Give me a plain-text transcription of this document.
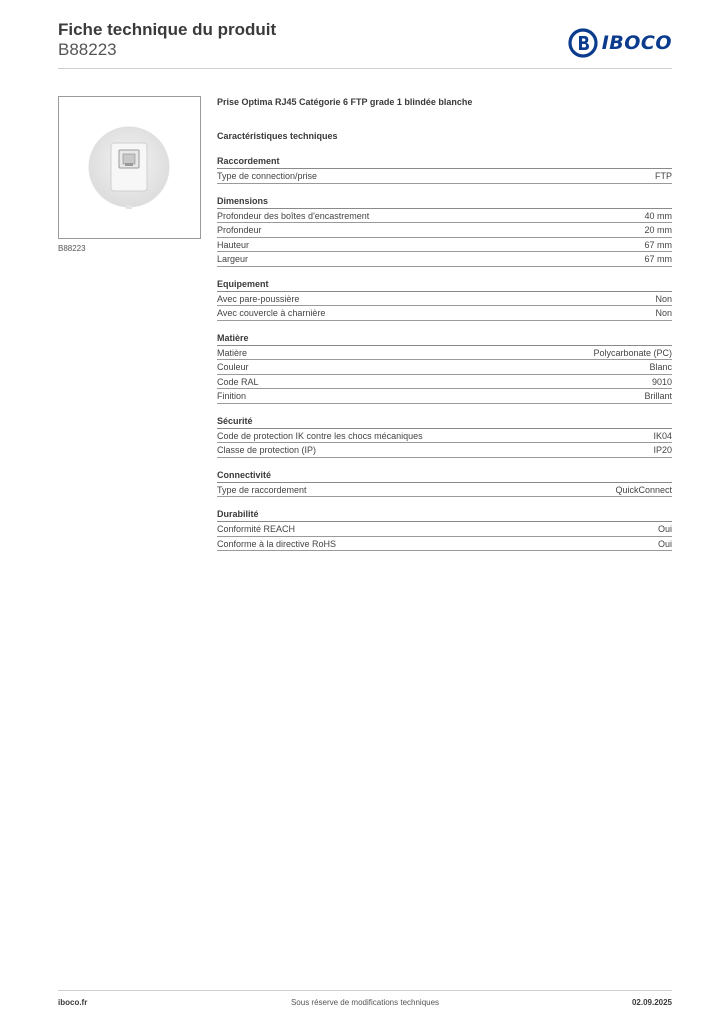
Fiche technique du produit
B88223	IBOCO
B88223
Prise Optima RJ45 Catégorie 6 FTP grade 1 blindée blanche
Caractéristiques techniques
Raccordement
Type de connection/prise	FTP
Dimensions
Profondeur des boîtes d'encastrement	40 mm
Profondeur	20 mm
Hauteur	67 mm
Largeur	67 mm
Equipement
Avec pare-poussière	Non
Avec couvercle à charnière	Non
Matière
Matière	Polycarbonate (PC)
Couleur	Blanc
Code RAL	9010
Finition	Brillant
Sécurité
Code de protection IK contre les chocs mécaniques	IK04
Classe de protection (IP)	IP20
Connectivité
Type de raccordement	QuickConnect
Durabilité
Conformité REACH	Oui
Conforme à la directive RoHS	Oui
Sous réserve de modifications techniques
iboco.fr	02.09.2025
